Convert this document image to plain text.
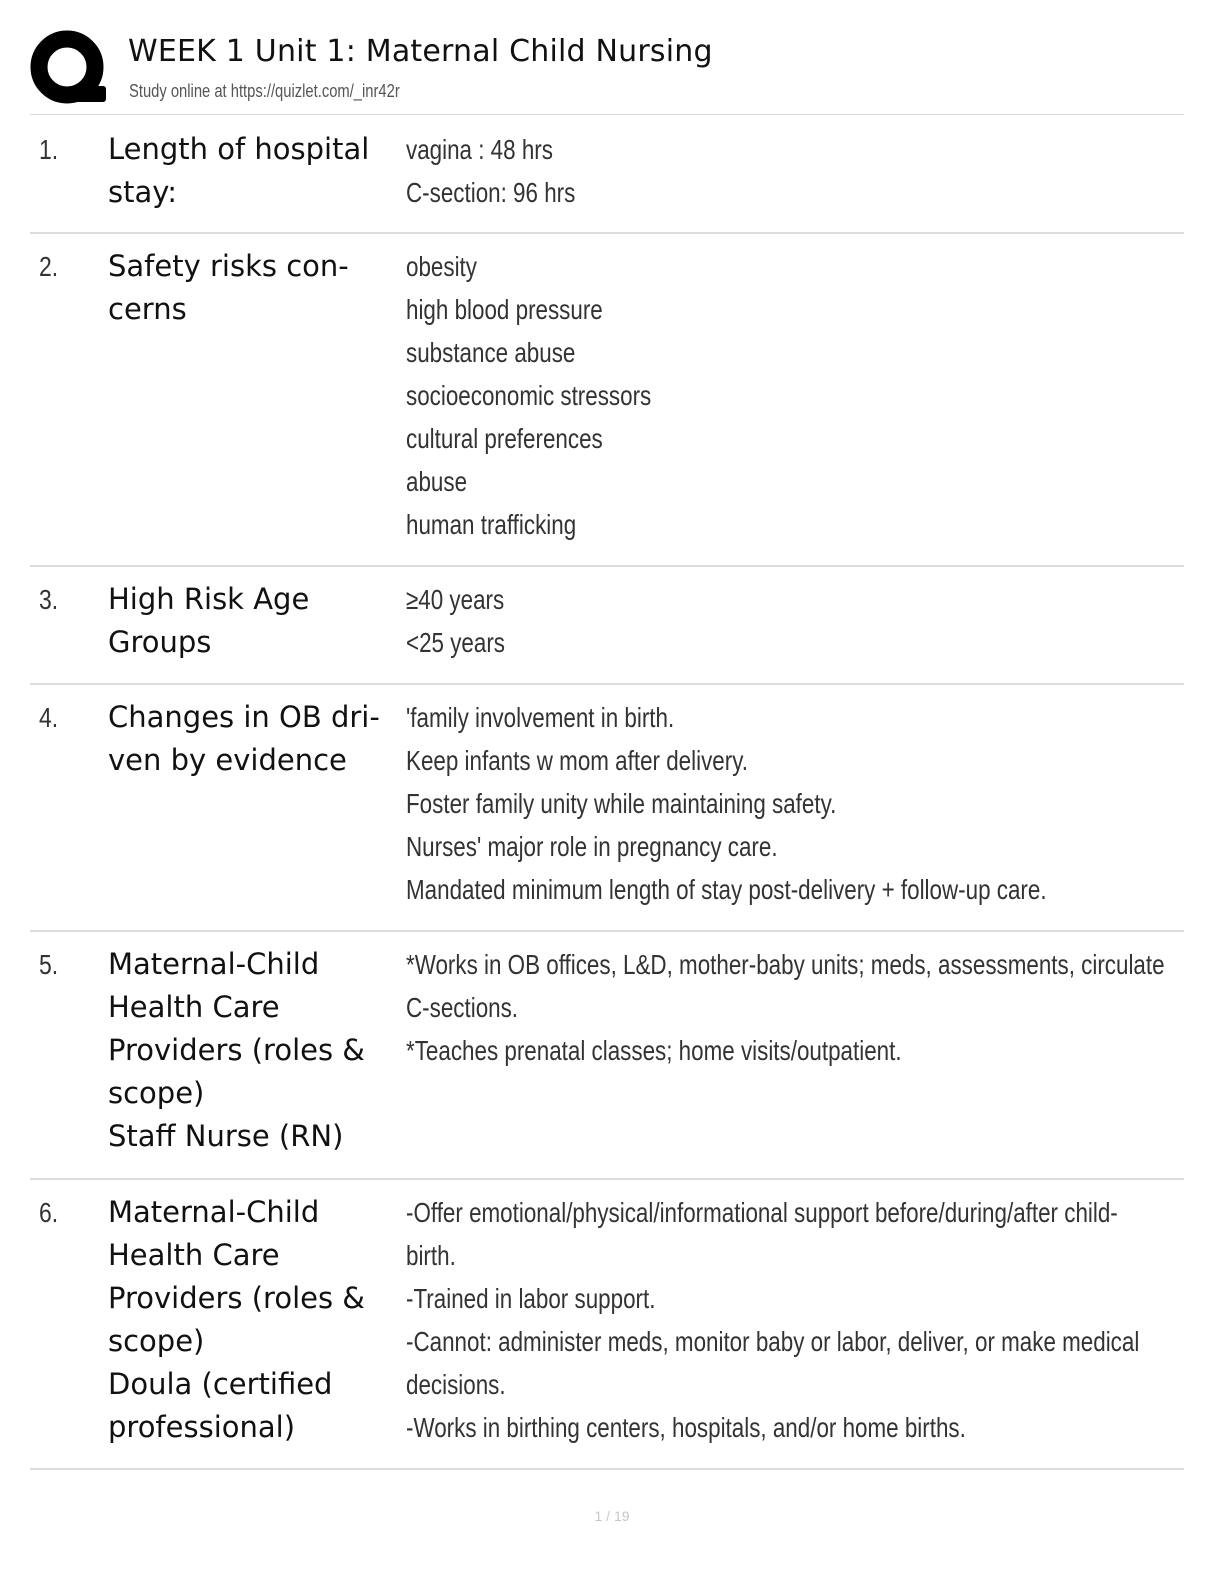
WEEK 1 Unit 1: Maternal Child Nursing
Study online at https://quizlet.com/_inr42r
1. Length of hospital
stay:
vagina : 48 hrs
C-section: 96 hrs
2. Safety risks con-
cerns
obesity
high blood pressure
substance abuse
socioeconomic stressors
cultural preferences
abuse
human trafficking
3. High Risk Age
Groups
≥40 years
<25 years
4. Changes in OB dri-
ven by evidence
'family involvement in birth.
Keep infants w mom after delivery.
Foster family unity while maintaining safety.
Nurses' major role in pregnancy care.
Mandated minimum length of stay post-delivery + follow-up care.
5. Maternal-Child
Health Care
Providers (roles &
scope)
Staff Nurse (RN)
*Works in OB offices, L&D, mother-baby units; meds, assessments, circulate
C-sections.
*Teaches prenatal classes; home visits/outpatient.
6. Maternal-Child
Health Care
Providers (roles &
scope)
Doula (certified
professional)
-Offer emotional/physical/informational support before/during/after child-
birth.
-Trained in labor support.
-Cannot: administer meds, monitor baby or labor, deliver, or make medical
decisions.
-Works in birthing centers, hospitals, and/or home births.
1 / 19
